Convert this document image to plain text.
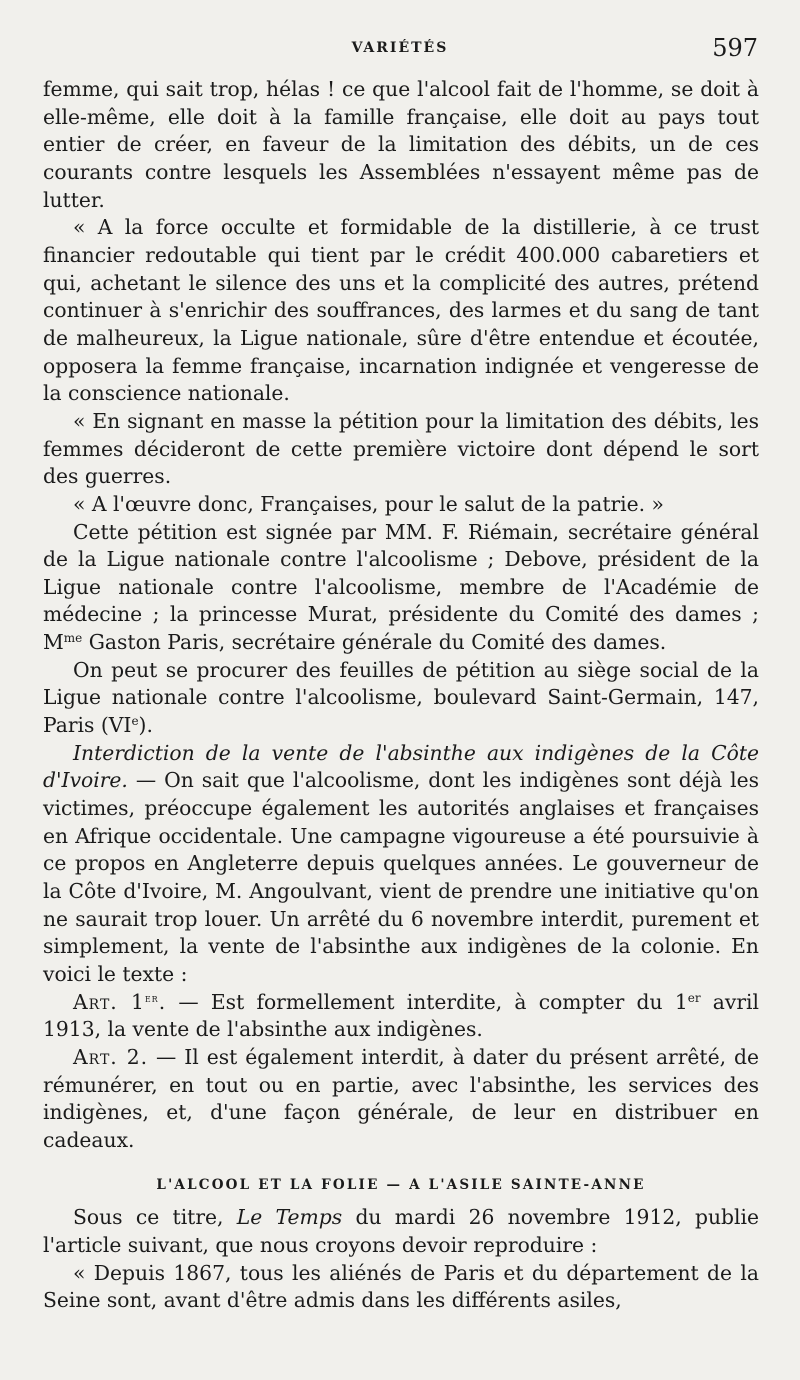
VARIÉTÉS	597

femme, qui sait trop, hélas ! ce que l'alcool fait de l'homme, se doit à elle-même, elle doit à la famille française, elle doit au pays tout entier de créer, en faveur de la limitation des débits, un de ces courants contre lesquels les Assemblées n'essayent même pas de lutter.

« A la force occulte et formidable de la distillerie, à ce trust financier redoutable qui tient par le crédit 400.000 cabaretiers et qui, achetant le silence des uns et la complicité des autres, prétend continuer à s'enrichir des souffrances, des larmes et du sang de tant de malheureux, la Ligue nationale, sûre d'être entendue et écoutée, opposera la femme française, incarnation indignée et vengeresse de la conscience nationale.

« En signant en masse la pétition pour la limitation des débits, les femmes décideront de cette première victoire dont dépend le sort des guerres.

« A l'œuvre donc, Françaises, pour le salut de la patrie. »

Cette pétition est signée par MM. F. Riémain, secrétaire général de la Ligue nationale contre l'alcoolisme ; Debove, président de la Ligue nationale contre l'alcoolisme, membre de l'Académie de médecine ; la princesse Murat, présidente du Comité des dames ; $M^{me}$ Gaston Paris, secrétaire générale du Comité des dames.

On peut se procurer des feuilles de pétition au siège social de la Ligue nationale contre l'alcoolisme, boulevard Saint-Germain, 147, Paris (VIe).

Interdiction de la vente de l'absinthe aux indigènes de la Côte d'Ivoire. — On sait que l'alcoolisme, dont les indigènes sont déjà les victimes, préoccupe également les autorités anglaises et françaises en Afrique occidentale. Une campagne vigoureuse a été poursuivie à ce propos en Angleterre depuis quelques années. Le gouverneur de la Côte d'Ivoire, M. Angoulvant, vient de prendre une initiative qu'on ne saurait trop louer. Un arrêté du 6 novembre interdit, purement et simplement, la vente de l'absinthe aux indigènes de la colonie. En voici le texte :

Art. 1er. — Est formellement interdite, à compter du 1er avril 1913, la vente de l'absinthe aux indigènes.

Art. 2. — Il est également interdit, à dater du présent arrêté, de rémunérer, en tout ou en partie, avec l'absinthe, les services des indigènes, et, d'une façon générale, de leur en distribuer en cadeaux.

L'ALCOOL ET LA FOLIE — A L'ASILE SAINTE-ANNE

Sous ce titre, Le Temps du mardi 26 novembre 1912, publie l'article suivant, que nous croyons devoir reproduire :

« Depuis 1867, tous les aliénés de Paris et du département de la Seine sont, avant d'être admis dans les différents asiles,
